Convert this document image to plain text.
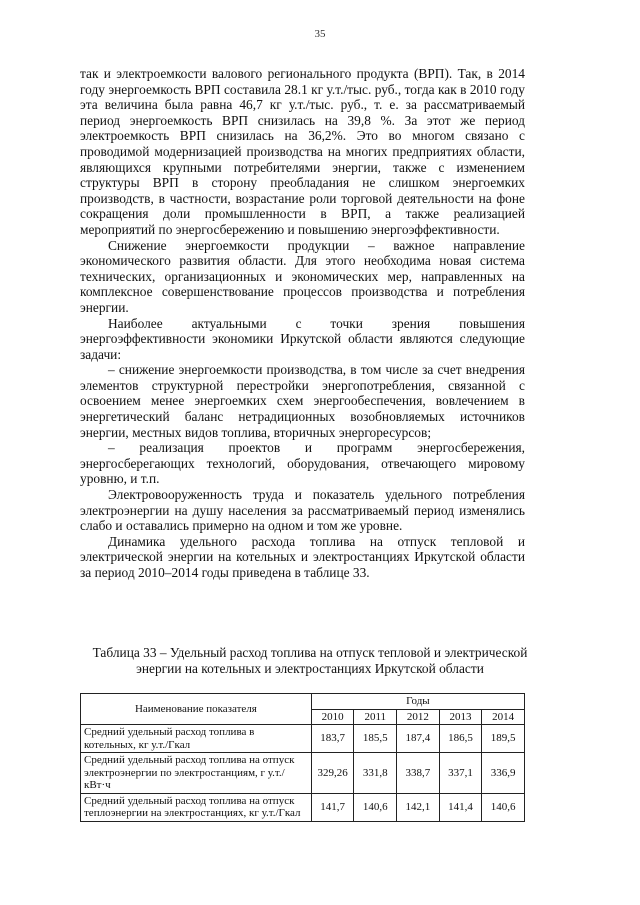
35

так и электроемкости валового регионального продукта (ВРП). Так, в 2014 году энергоемкость ВРП составила 28.1 кг у.т./тыс. руб., тогда как в 2010 году эта величина была равна 46,7 кг у.т./тыс. руб., т. е. за рассматриваемый период энергоемкость ВРП снизилась на 39,8 %. За этот же период электроемкость ВРП снизилась на 36,2%. Это во многом связано с проводимой модернизацией производства на многих предприятиях области, являющихся крупными потребителями энергии, также с изменением структуры ВРП в сторону преобладания не слишком энергоемких производств, в частности, возрастание роли торговой деятельности на фоне сокращения доли промышленности в ВРП, а также реализацией мероприятий по энергосбережению и повышению энергоэффективности.

Снижение энергоемкости продукции – важное направление экономического развития области. Для этого необходима новая система технических, организационных и экономических мер, направленных на комплексное совершенствование процессов производства и потребления энергии.

Наиболее актуальными с точки зрения повышения энергоэффективности экономики Иркутской области являются следующие задачи:

– снижение энергоемкости производства, в том числе за счет внедрения элементов структурной перестройки энергопотребления, связанной с освоением менее энергоемких схем энергообеспечения, вовлечением в энергетический баланс нетрадиционных возобновляемых источников энергии, местных видов топлива, вторичных энергоресурсов;

– реализация проектов и программ энергосбережения, энергосберегающих технологий, оборудования, отвечающего мировому уровню, и т.п.

Электровооруженность труда и показатель удельного потребления электроэнергии на душу населения за рассматриваемый период изменялись слабо и оставались примерно на одном и том же уровне.

Динамика удельного расхода топлива на отпуск тепловой и электрической энергии на котельных и электростанциях Иркутской области за период 2010–2014 годы приведена в таблице 33.

Таблица 33 – Удельный расход топлива на отпуск тепловой и электрической энергии на котельных и электростанциях Иркутской области
Наименование показателя	Годы				
	2010	2011	2012	2013	2014
Средний удельный расход топлива в котельных, кг у.т./Гкал	183,7	185,5	187,4	186,5	189,5
Средний удельный расход топлива на отпуск электроэнергии по электростанциям, г у.т./кВт·ч	329,26	331,8	338,7	337,1	336,9
Средний удельный расход топлива на отпуск теплоэнергии на электростанциях, кг у.т./Гкал	141,7	140,6	142,1	141,4	140,6
